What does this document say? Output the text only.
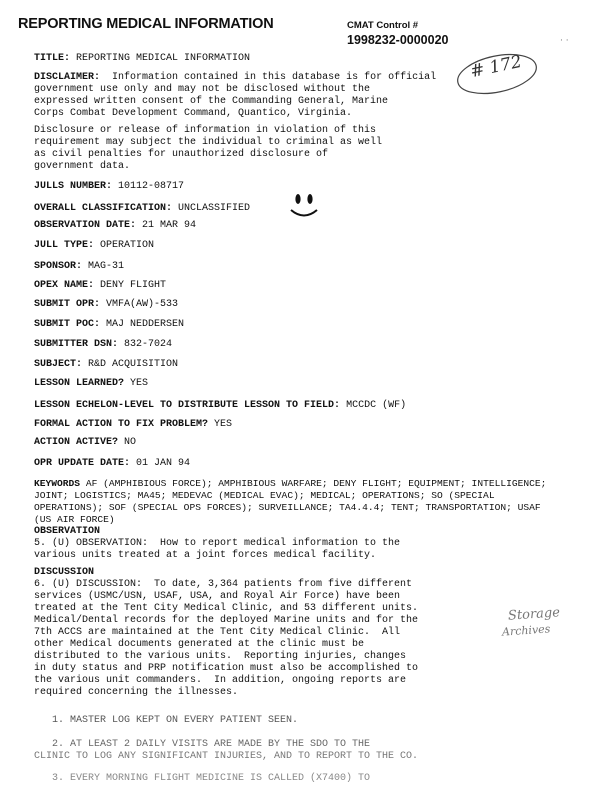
REPORTING MEDICAL INFORMATION	CMAT Control #
1998232-0000020
# 172
· ·
TITLE: REPORTING MEDICAL INFORMATION
DISCLAIMER: Information contained in this database is for official
government use only and may not be disclosed without the
expressed written consent of the Commanding General, Marine
Corps Combat Development Command, Quantico, Virginia.
Disclosure or release of information in violation of this
requirement may subject the individual to criminal as well
as civil penalties for unauthorized disclosure of
government data.
JULLS NUMBER: 10112-08717
OVERALL CLASSIFICATION: UNCLASSIFIED
OBSERVATION DATE: 21 MAR 94
JULL TYPE: OPERATION
SPONSOR: MAG-31
OPEX NAME: DENY FLIGHT
SUBMIT OPR: VMFA(AW)-533
SUBMIT POC: MAJ NEDDERSEN
SUBMITTER DSN: 832-7024
SUBJECT: R&D ACQUISITION
LESSON LEARNED? YES
LESSON ECHELON-LEVEL TO DISTRIBUTE LESSON TO FIELD: MCCDC (WF)
FORMAL ACTION TO FIX PROBLEM? YES
ACTION ACTIVE? NO
OPR UPDATE DATE: 01 JAN 94
KEYWORDS AF (AMPHIBIOUS FORCE); AMPHIBIOUS WARFARE; DENY FLIGHT; EQUIPMENT; INTELLIGENCE;
JOINT; LOGISTICS; MA45; MEDEVAC (MEDICAL EVAC); MEDICAL; OPERATIONS; SO (SPECIAL
OPERATIONS); SOF (SPECIAL OPS FORCES); SURVEILLANCE; TA4.4.4; TENT; TRANSPORTATION; USAF
(US AIR FORCE)
OBSERVATION
5. (U) OBSERVATION:  How to report medical information to the
various units treated at a joint forces medical facility.
DISCUSSION
6. (U) DISCUSSION:  To date, 3,364 patients from five different
services (USMC/USN, USAF, USA, and Royal Air Force) have been
treated at the Tent City Medical Clinic, and 53 different units.
Medical/Dental records for the deployed Marine units and for the
7th ACCS are maintained at the Tent City Medical Clinic.  All
other Medical documents generated at the clinic must be
distributed to the various units.  Reporting injuries, changes
in duty status and PRP notification must also be accomplished to
the various unit commanders.  In addition, ongoing reports are
required concerning the illnesses.
Storage
Archives
1. MASTER LOG KEPT ON EVERY PATIENT SEEN.
2. AT LEAST 2 DAILY VISITS ARE MADE BY THE SDO TO THE
CLINIC TO LOG ANY SIGNIFICANT INJURIES, AND TO REPORT TO THE CO.
3. EVERY MORNING FLIGHT MEDICINE IS CALLED (X7400) TO
